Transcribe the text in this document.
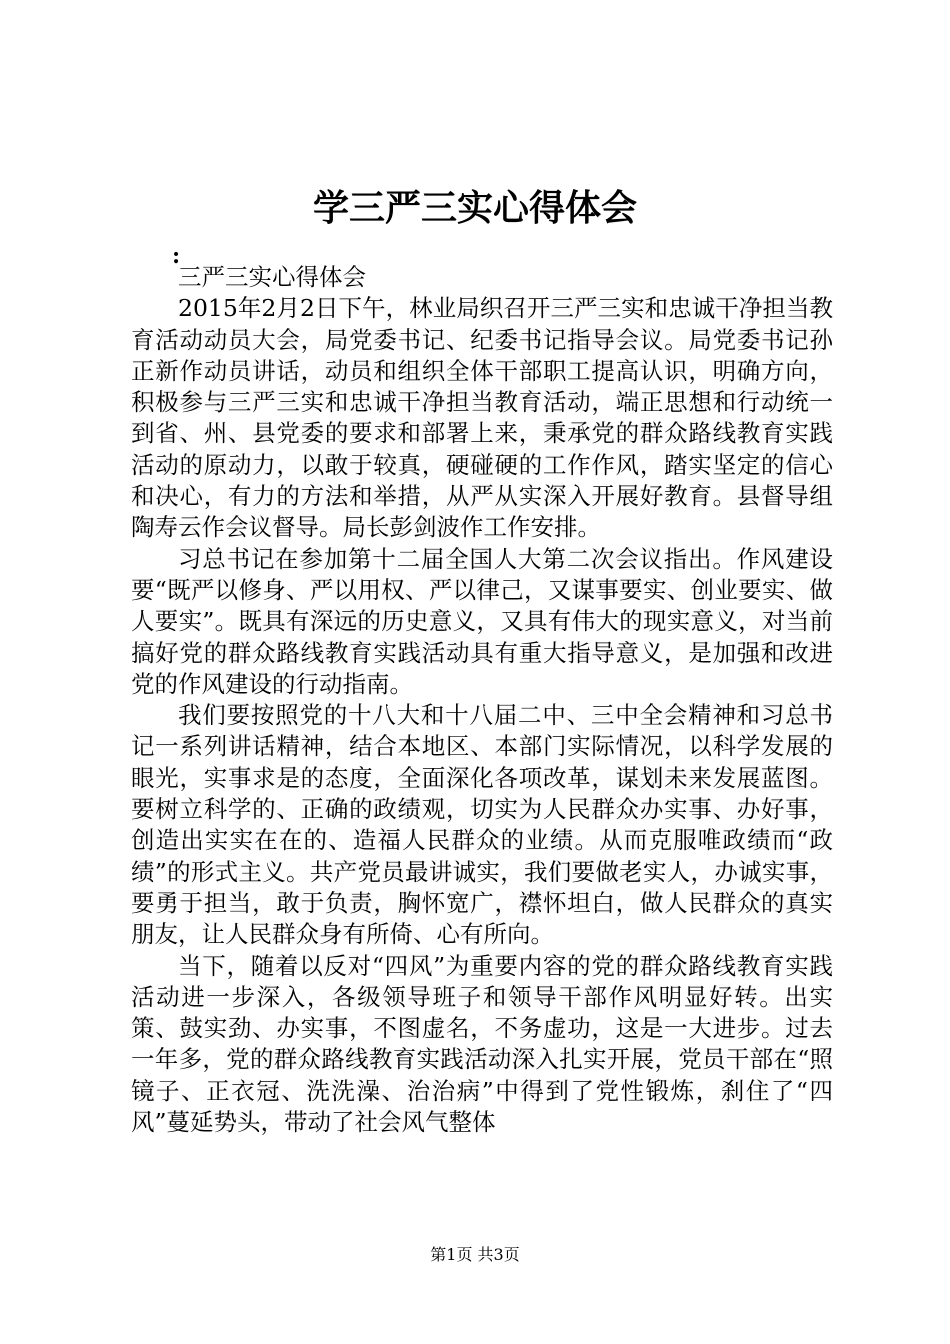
学三严三实心得体会
:

三严三实心得体会

2015年2月2日下午，林业局织召开三严三实和忠诚干净担当教育活动动员大会，局党委书记、纪委书记指导会议。局党委书记孙正新作动员讲话，动员和组织全体干部职工提高认识，明确方向，积极参与三严三实和忠诚干净担当教育活动，端正思想和行动统一到省、州、县党委的要求和部署上来，秉承党的群众路线教育实践活动的原动力，以敢于较真，硬碰硬的工作作风，踏实坚定的信心和决心，有力的方法和举措，从严从实深入开展好教育。县督导组陶寿云作会议督导。局长彭剑波作工作安排。

习总书记在参加第十二届全国人大第二次会议指出。作风建设要“既严以修身、严以用权、严以律己，又谋事要实、创业要实、做人要实”。既具有深远的历史意义，又具有伟大的现实意义，对当前搞好党的群众路线教育实践活动具有重大指导意义，是加强和改进党的作风建设的行动指南。

我们要按照党的十八大和十八届二中、三中全会精神和习总书记一系列讲话精神，结合本地区、本部门实际情况，以科学发展的眼光，实事求是的态度，全面深化各项改革，谋划未来发展蓝图。要树立科学的、正确的政绩观，切实为人民群众办实事、办好事，创造出实实在在的、造福人民群众的业绩。从而克服唯政绩而“政绩”的形式主义。共产党员最讲诚实，我们要做老实人，办诚实事，要勇于担当，敢于负责，胸怀宽广，襟怀坦白，做人民群众的真实朋友，让人民群众身有所倚、心有所向。

当下，随着以反对“四风”为重要内容的党的群众路线教育实践活动进一步深入，各级领导班子和领导干部作风明显好转。出实策、鼓实劲、办实事，不图虚名，不务虚功，这是一大进步。过去一年多，党的群众路线教育实践活动深入扎实开展，党员干部在“照镜子、正衣冠、洗洗澡、治治病”中得到了党性锻炼，刹住了“四风”蔓延势头，带动了社会风气整体

第1页 共3页
